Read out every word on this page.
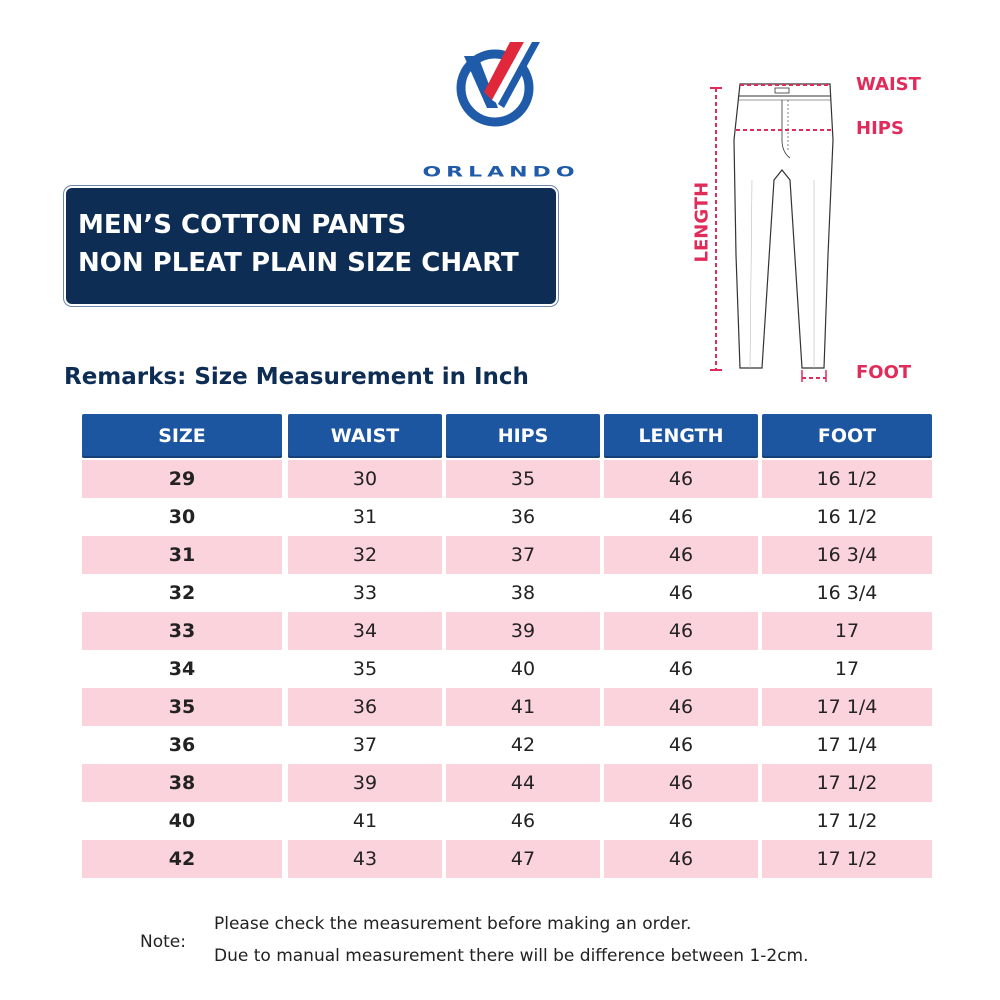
ORLANDO
MEN’S COTTON PANTS
NON PLEAT PLAIN SIZE CHART
Remarks: Size Measurement in Inch
WAIST
HIPS
LENGTH
FOOT
SIZE	WAIST	HIPS	LENGTH	FOOT
29	30	35	46	16 1/2
30	31	36	46	16 1/2
31	32	37	46	16 3/4
32	33	38	46	16 3/4
33	34	39	46	17
34	35	40	46	17
35	36	41	46	17 1/4
36	37	42	46	17 1/4
38	39	44	46	17 1/2
40	41	46	46	17 1/2
42	43	47	46	17 1/2
Note:
Please check the measurement before making an order.
Due to manual measurement there will be difference between 1-2cm.
